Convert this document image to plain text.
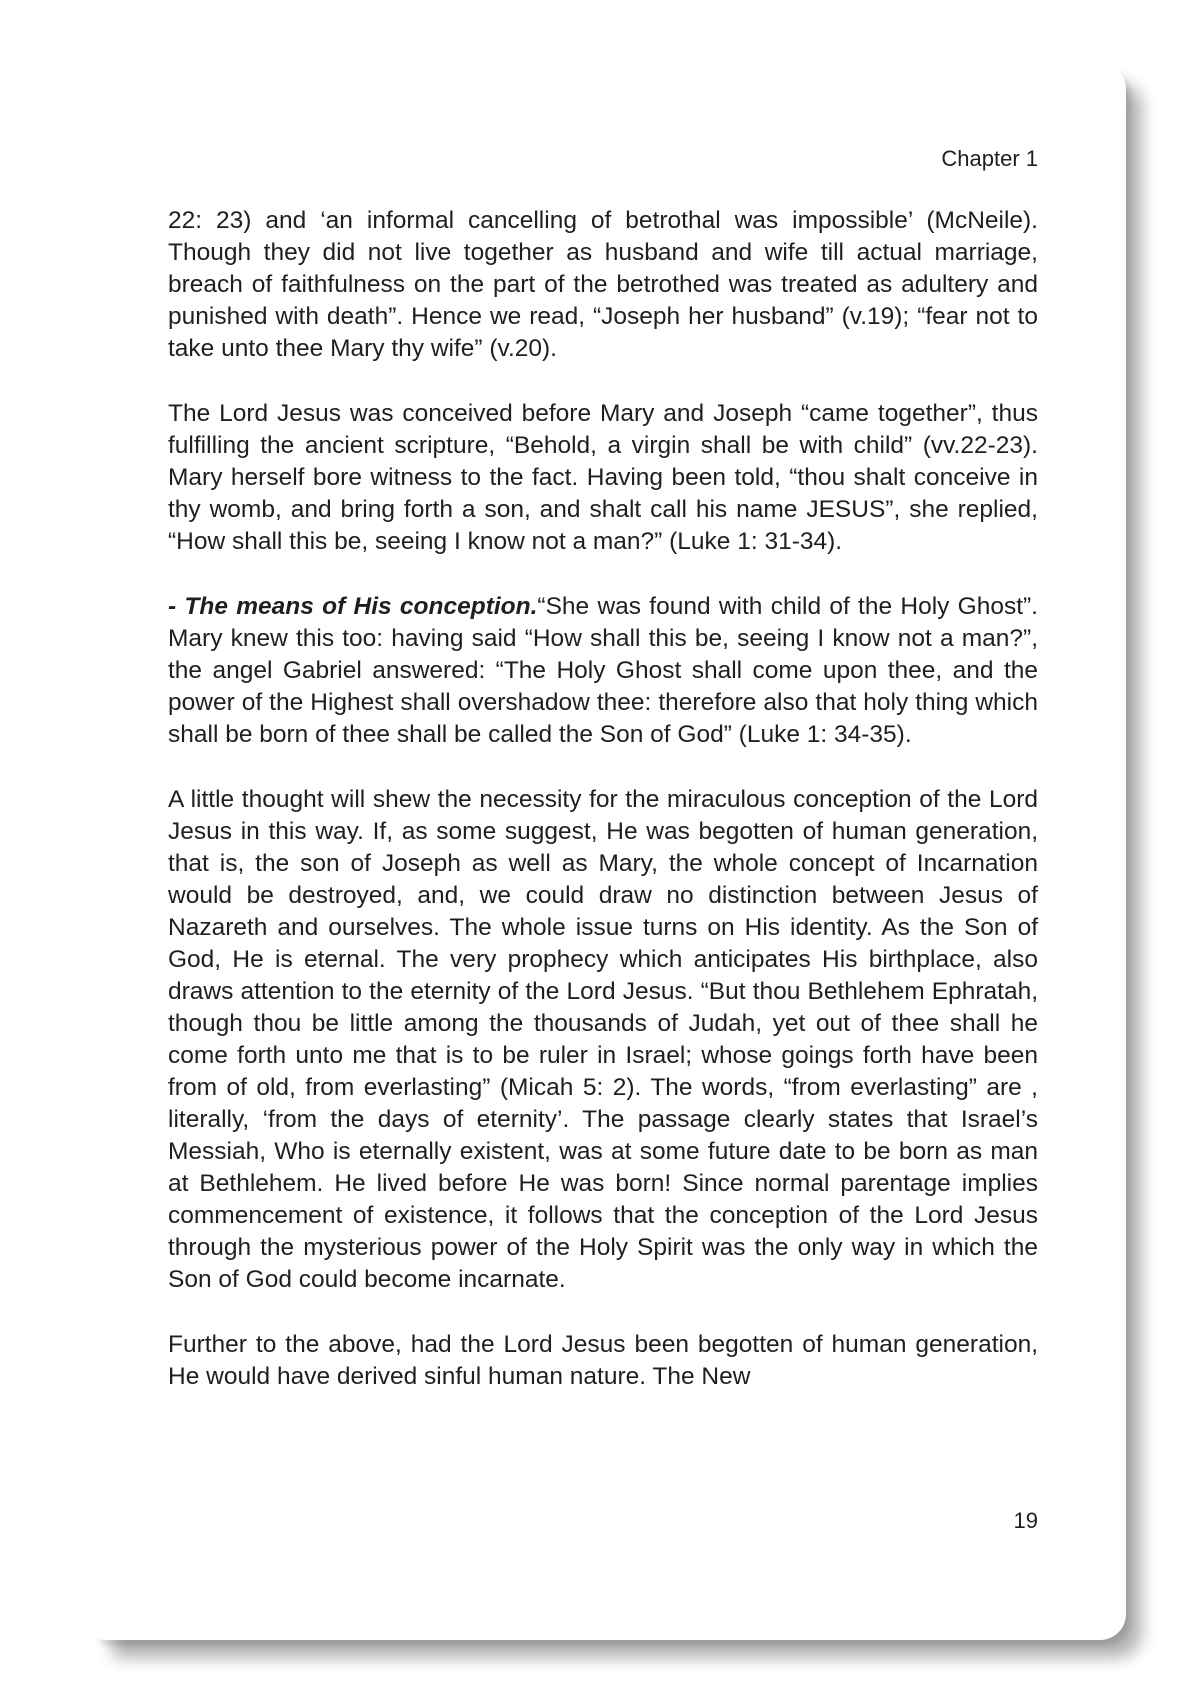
Chapter 1

22: 23) and ‘an informal cancelling of betrothal was impossible’ (McNeile). Though they did not live together as husband and wife till actual marriage, breach of faithfulness on the part of the betrothed was treated as adultery and punished with death”. Hence we read, “Joseph her husband” (v.19); “fear not to take unto thee Mary thy wife” (v.20).

The Lord Jesus was conceived before Mary and Joseph “came together”, thus fulfilling the ancient scripture, “Behold, a virgin shall be with child” (vv.22-23). Mary herself bore witness to the fact. Having been told, “thou shalt conceive in thy womb, and bring forth a son, and shalt call his name JESUS”, she replied, “How shall this be, seeing I know not a man?” (Luke 1: 31-34).

- The means of His conception.“She was found with child of the Holy Ghost”. Mary knew this too: having said “How shall this be, seeing I know not a man?”, the angel Gabriel answered: “The Holy Ghost shall come upon thee, and the power of the Highest shall overshadow thee: therefore also that holy thing which shall be born of thee shall be called the Son of God” (Luke 1: 34-35).

A little thought will shew the necessity for the miraculous conception of the Lord Jesus in this way. If, as some suggest, He was begotten of human generation, that is, the son of Joseph as well as Mary, the whole concept of Incarnation would be destroyed, and, we could draw no distinction between Jesus of Nazareth and ourselves. The whole issue turns on His identity. As the Son of God, He is eternal. The very prophecy which anticipates His birthplace, also draws attention to the eternity of the Lord Jesus. “But thou Bethlehem Ephratah, though thou be little among the thousands of Judah, yet out of thee shall he come forth unto me that is to be ruler in Israel; whose goings forth have been from of old, from everlasting” (Micah 5: 2). The words, “from everlasting” are , literally, ‘from the days of eternity’. The passage clearly states that Israel’s Messiah, Who is eternally existent, was at some future date to be born as man at Bethlehem. He lived before He was born! Since normal parentage implies commencement of existence, it follows that the conception of the Lord Jesus through the mysterious power of the Holy Spirit was the only way in which the Son of God could become incarnate.

Further to the above, had the Lord Jesus been begotten of human generation, He would have derived sinful human nature. The New

19
